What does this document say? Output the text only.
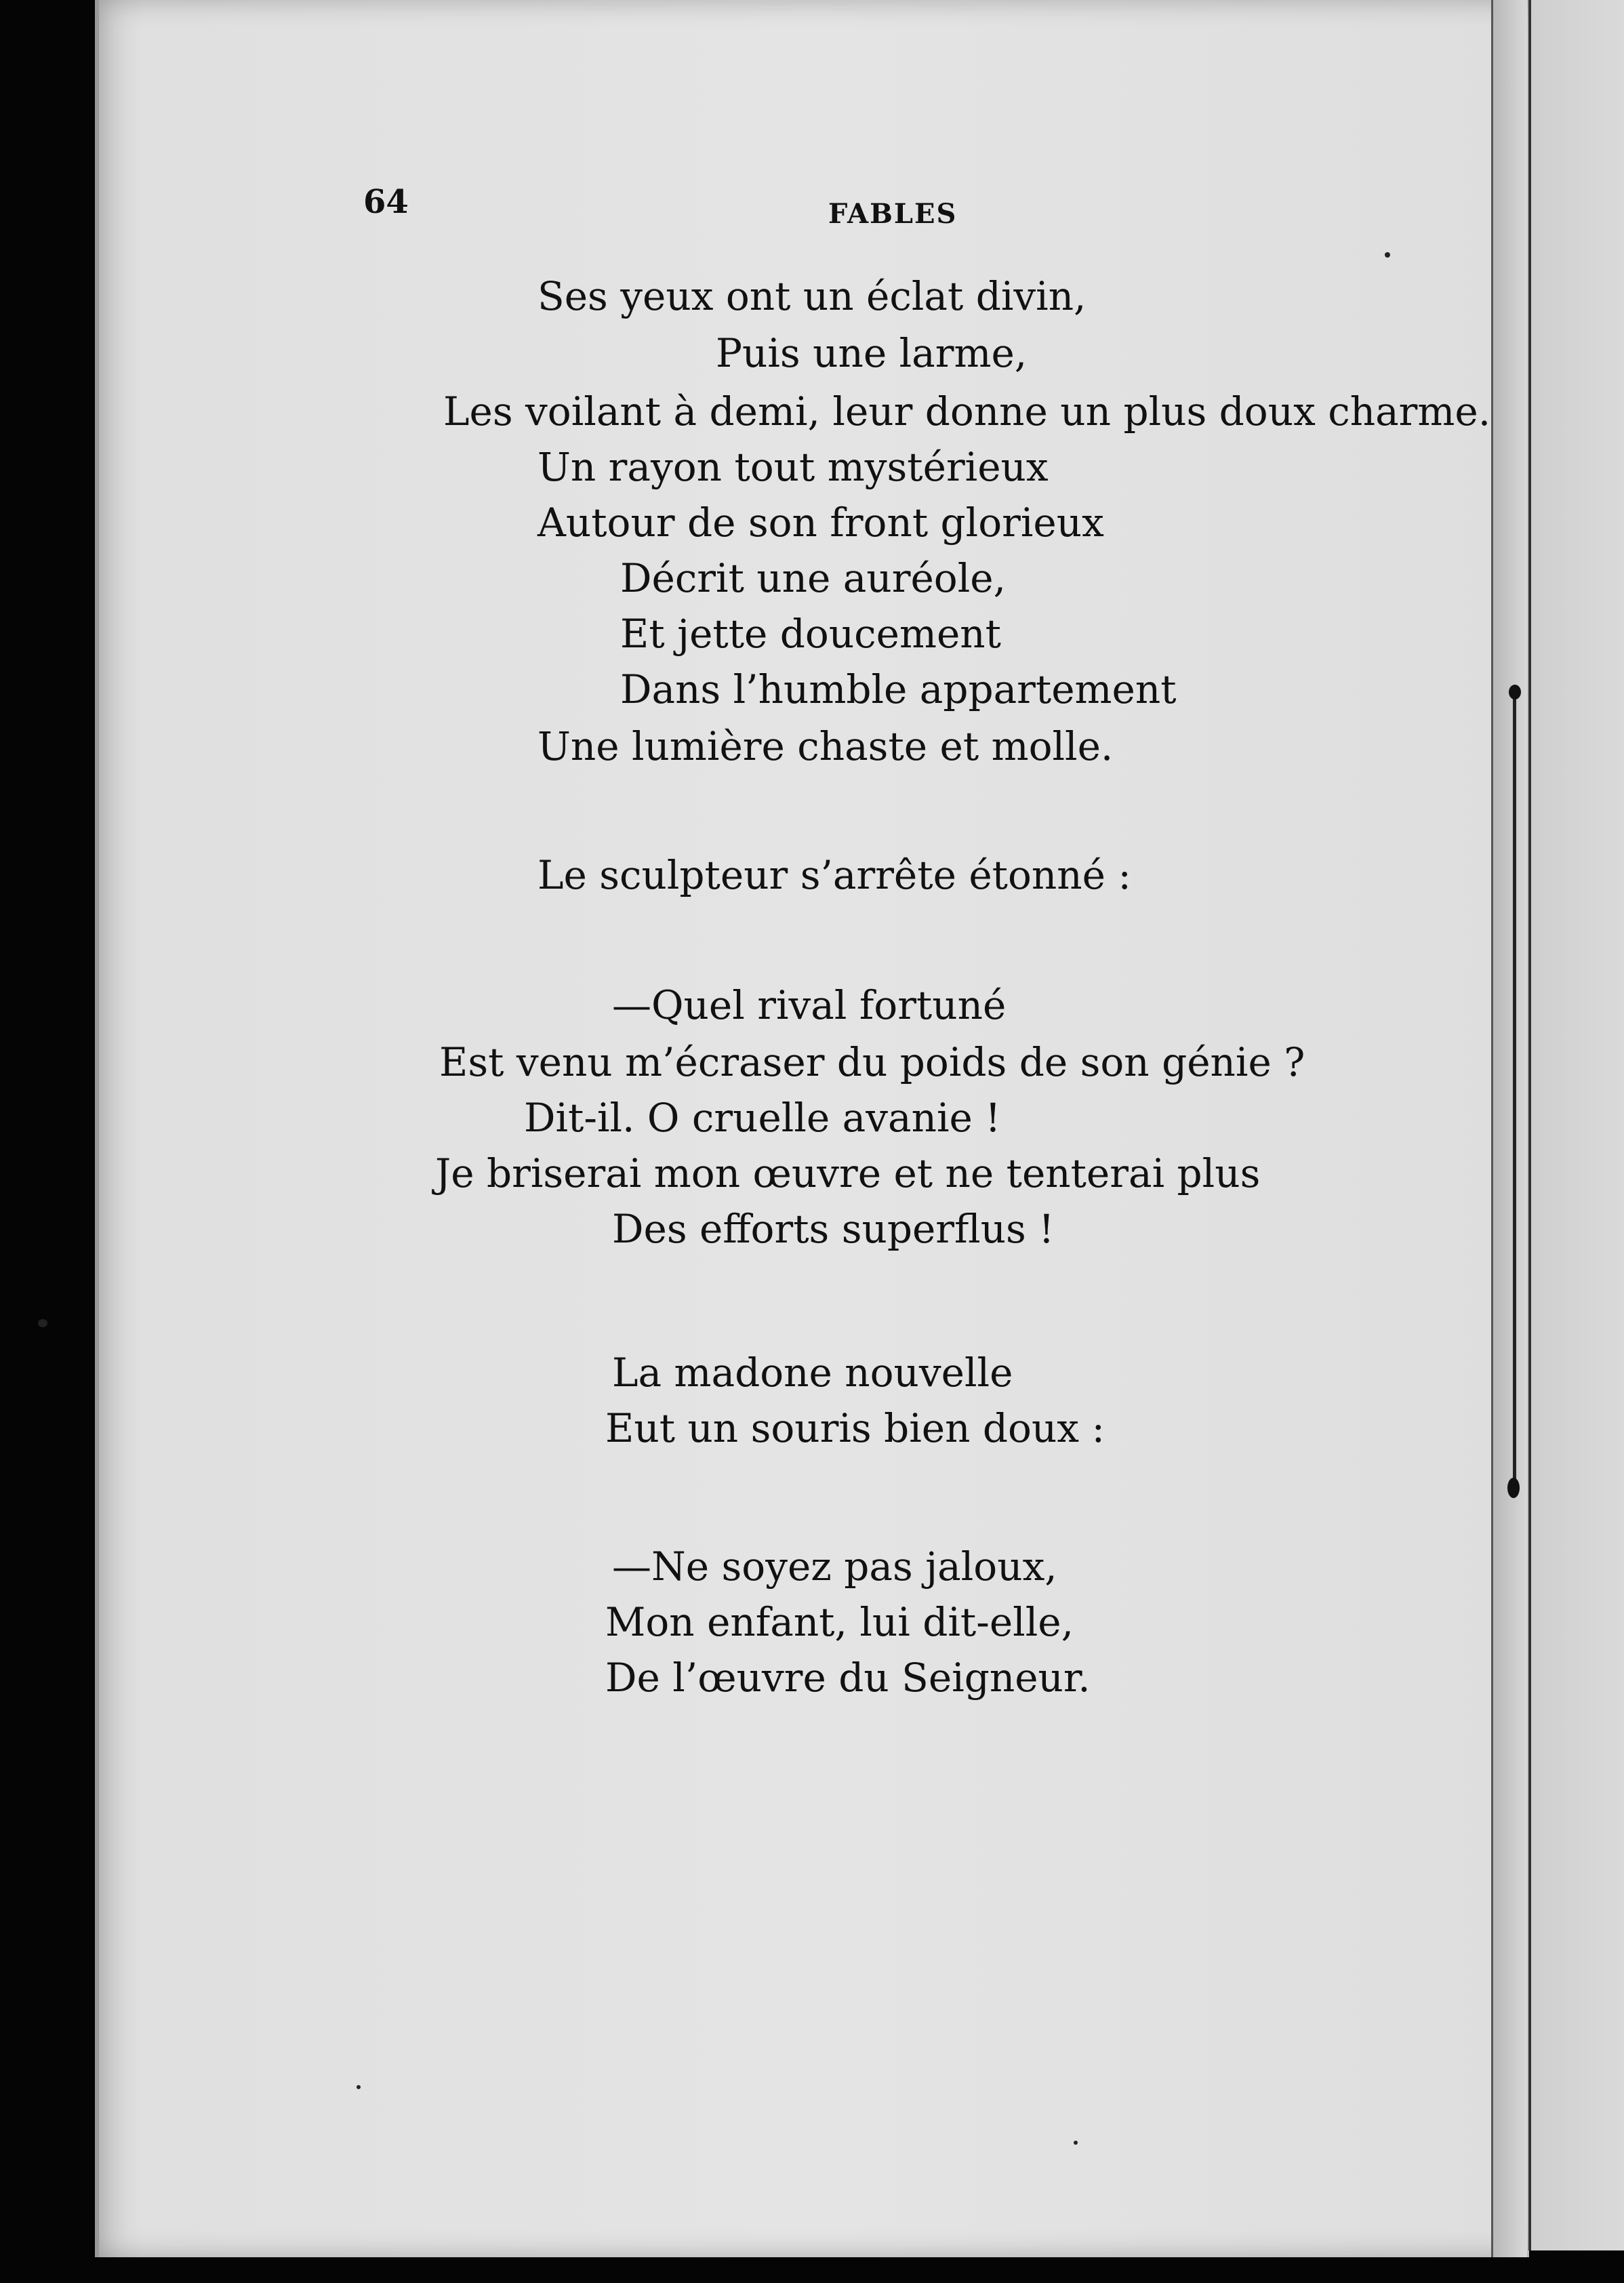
64	FABLES
Ses yeux ont un éclat divin,
Puis une larme,
Les voilant à demi, leur donne un plus doux charme.
Un rayon tout mystérieux
Autour de son front glorieux
Décrit une auréole,
Et jette doucement
Dans l’humble appartement
Une lumière chaste et molle.
Le sculpteur s’arrête étonné :
—Quel rival fortuné
Est venu m’écraser du poids de son génie ?
Dit-il. O cruelle avanie !
Je briserai mon œuvre et ne tenterai plus
Des efforts superflus !
La madone nouvelle
Eut un souris bien doux :
—Ne soyez pas jaloux,
Mon enfant, lui dit-elle,
De l’œuvre du Seigneur.
